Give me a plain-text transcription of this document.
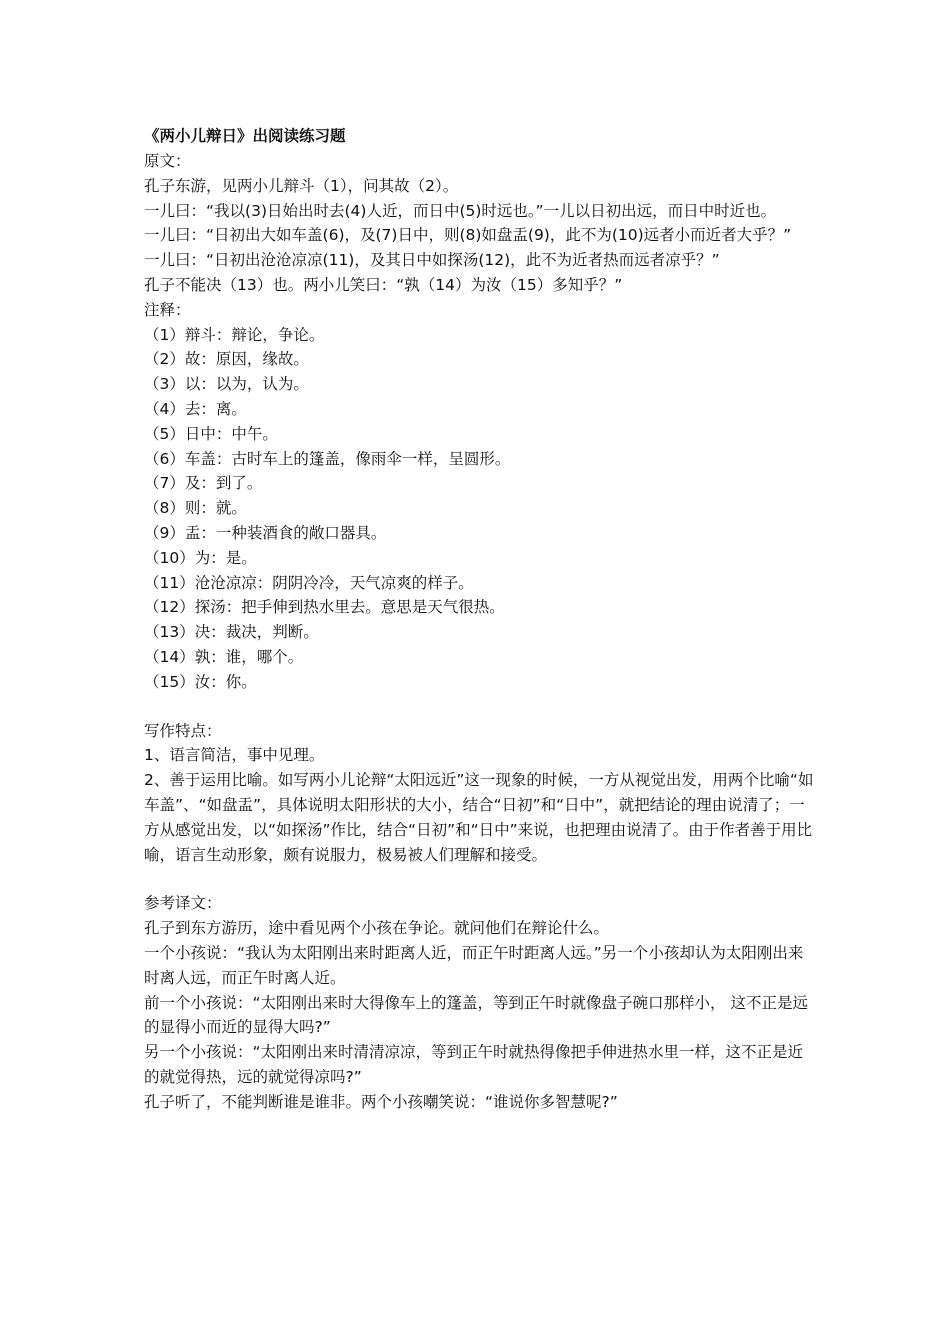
《两小儿辩日》出阅读练习题

原文：

孔子东游，见两小儿辩斗（1），问其故（2）。

一儿曰：“我以(3)日始出时去(4)人近，而日中(5)时远也。”一儿以日初出远，而日中时近也。

一儿曰：“日初出大如车盖(6)，及(7)日中，则(8)如盘盂(9)，此不为(10)远者小而近者大乎？”

一儿曰：“日初出沧沧凉凉(11)，及其日中如探汤(12)，此不为近者热而远者凉乎？”

孔子不能决（13）也。两小儿笑曰：“孰（14）为汝（15）多知乎？”

注释：

（1）辩斗：辩论，争论。

（2）故：原因，缘故。

（3）以：以为，认为。

（4）去：离。

（5）日中：中午。

（6）车盖：古时车上的篷盖，像雨伞一样，呈圆形。

（7）及：到了。

（8）则：就。

（9）盂：一种装酒食的敞口器具。

（10）为：是。

（11）沧沧凉凉：阴阴冷冷，天气凉爽的样子。

（12）探汤：把手伸到热水里去。意思是天气很热。

（13）决：裁决，判断。

（14）孰：谁，哪个。

（15）汝：你。

写作特点：

1、语言简洁，事中见理。

2、善于运用比喻。如写两小儿论辩“太阳远近”这一现象的时候，一方从视觉出发，用两个比喻“如车盖”、“如盘盂”，具体说明太阳形状的大小，结合“日初”和“日中”，就把结论的理由说清了；一方从感觉出发，以“如探汤”作比，结合“日初”和“日中”来说，也把理由说清了。由于作者善于用比喻，语言生动形象，颇有说服力，极易被人们理解和接受。

参考译文：

孔子到东方游历，途中看见两个小孩在争论。就问他们在辩论什么。

一个小孩说：“我认为太阳刚出来时距离人近，而正午时距离人远。”另一个小孩却认为太阳刚出来时离人远，而正午时离人近。

前一个小孩说：“太阳刚出来时大得像车上的篷盖，等到正午时就像盘子碗口那样小， 这不正是远的显得小而近的显得大吗?”

另一个小孩说：“太阳刚出来时清清凉凉，等到正午时就热得像把手伸进热水里一样，这不正是近的就觉得热，远的就觉得凉吗?”

孔子听了，不能判断谁是谁非。两个小孩嘲笑说：“谁说你多智慧呢?”
